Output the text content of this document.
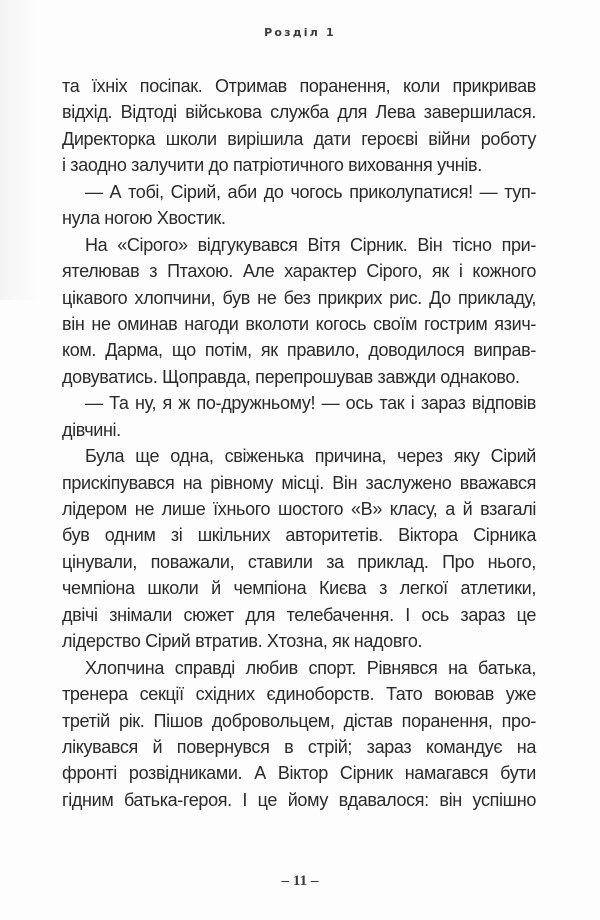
Розділ 1
та їхніх посіпак. Отримав поранення, коли прикривав
відхід. Відтоді військова служба для Лева завершилася.
Директорка школи вирішила дати героєві війни роботу
і заодно залучити до патріотичного виховання учнів.
— А тобі, Сірий, аби до чогось приколупатися! — туп-
нула ногою Хвостик.
На «Сірого» відгукувався Вітя Сірник. Він тісно при-
ятелював з Птахою. Але характер Сірого, як і кожного
цікавого хлопчини, був не без прикрих рис. До прикладу,
він не оминав нагоди вколоти когось своїм гострим язич-
ком. Дарма, що потім, як правило, доводилося виправ-
довуватись. Щоправда, перепрошував завжди однаково.
— Та ну, я ж по-дружньому! — ось так і зараз відповів
дівчині.
Була ще одна, свіженька причина, через яку Сірий
прискіпувався на рівному місці. Він заслужено вважався
лідером не лише їхнього шостого «В» класу, а й взагалі
був одним зі шкільних авторитетів. Віктора Сірника
цінували, поважали, ставили за приклад. Про нього,
чемпіона школи й чемпіона Києва з легкої атлетики,
двічі знімали сюжет для телебачення. І ось зараз це
лідерство Сірий втратив. Хтозна, як надовго.
Хлопчина справді любив спорт. Рівнявся на батька,
тренера секції східних єдиноборств. Тато воював уже
третій рік. Пішов добровольцем, дістав поранення, про-
лікувався й повернувся в стрій; зараз командує на
фронті розвідниками. А Віктор Сірник намагався бути
гідним батька-героя. І це йому вдавалося: він успішно
– 11 –
